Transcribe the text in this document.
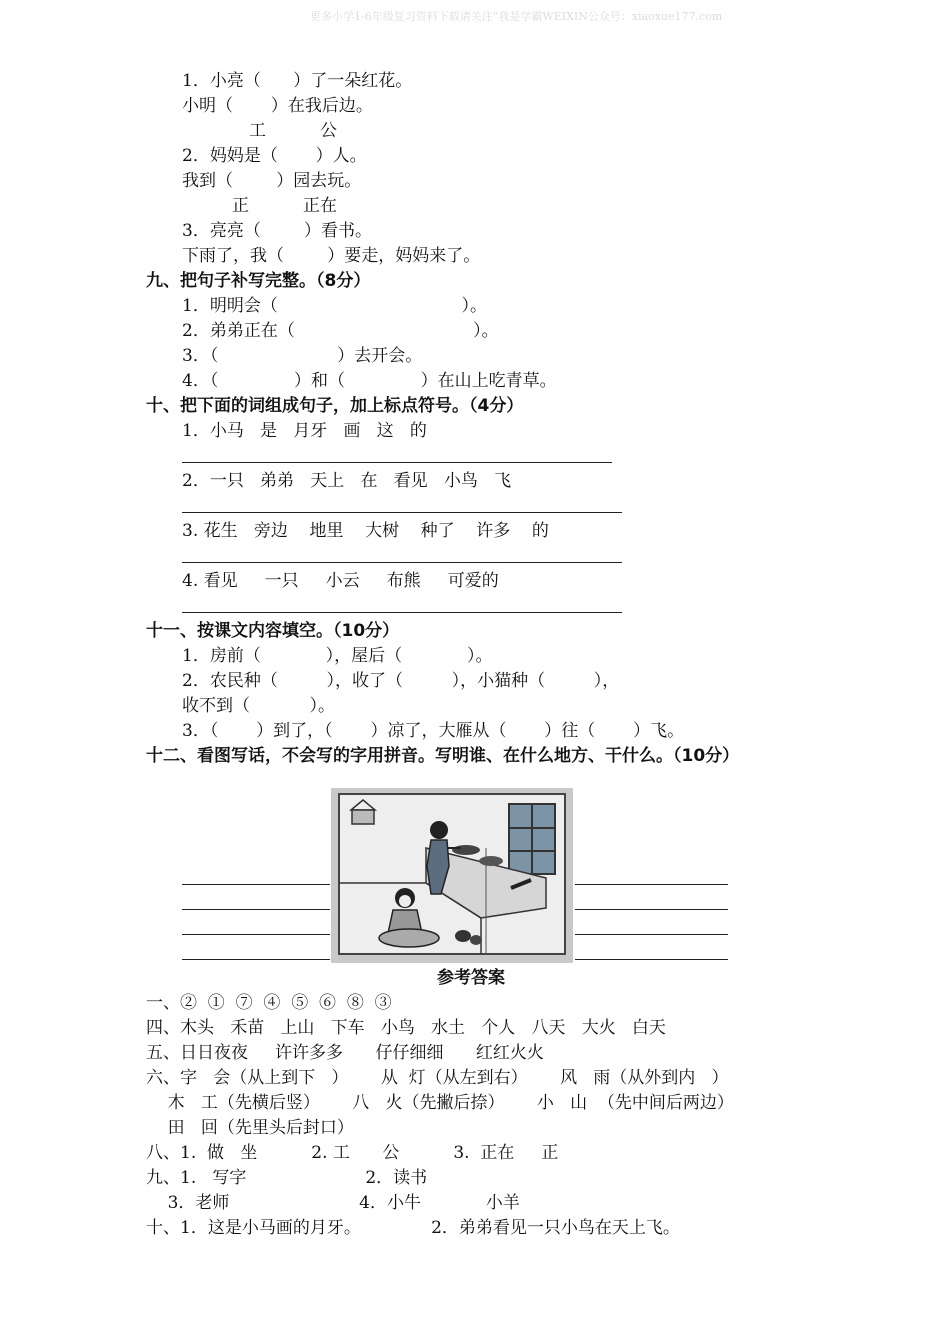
更多小学1-6年级复习资料下载请关注“我是学霸WEIXIN公众号：xiaoxue177.com
1．小亮（      ）了一朵红花。
小明（       ）在我后边。
工          公
2．妈妈是（       ）人。
我到（        ）园去玩。
正          正在
3．亮亮（        ）看书。
下雨了，我（        ）要走，妈妈来了。
九、把句子补写完整。（8分）
1．明明会（                                  ）。
2．弟弟正在（                                 ）。
3．（                      ）去开会。
4．（              ）和（              ）在山上吃青草。
十、把下面的词组成句子，加上标点符号。（4分）
1．小马   是   月牙   画   这   的
2．一只   弟弟   天上   在   看见   小鸟   飞
3. 花生   旁边    地里    大树    种了    许多    的
4. 看见     一只     小云     布熊     可爱的
十一、按课文内容填空。（10分）
1．房前（            ），屋后（            ）。
2．农民种（         ），收了（         ），小猫种（         ），
收不到（           ）。
3．（       ）到了，（       ）凉了，大雁从（       ）往（       ）飞。
十二、看图写话，不会写的字用拼音。写明谁、在什么地方、干什么。（10分）
参考答案
一、②  ①  ⑦  ④  ⑤  ⑥  ⑧  ③
四、木头   禾苗   上山   下车   小鸟   水土   个人   八天   大火   白天
五、日日夜夜     许许多多      仔仔细细      红红火火
六、字   会（从上到下   ）      从  灯（从左到右）      风   雨（从外到内   ）
木   工（先横后竖）      八   火（先撇后捺）      小   山  （先中间后两边）
田   回（先里头后封口）
八、1.  做   坐          2. 工      公          3.  正在     正
九、1.   写字                      2．读书
3．老师                        4．小牛            小羊
十、1．这是小马画的月牙。             2．弟弟看见一只小鸟在天上飞。
